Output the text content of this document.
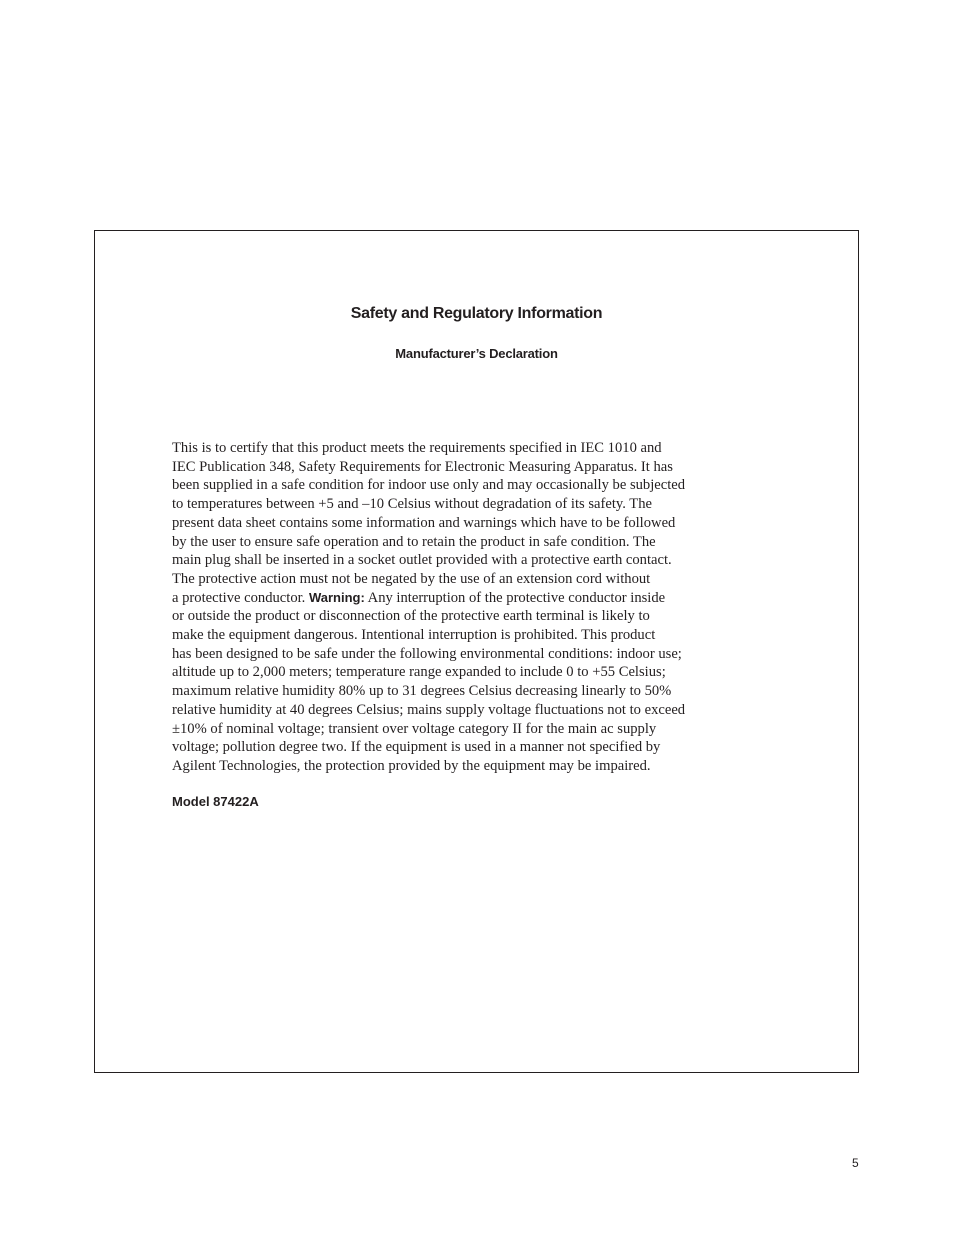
Safety and Regulatory Information
Manufacturer’s Declaration
This is to certify that this product meets the requirements specified in IEC 1010 and
IEC Publication 348, Safety Requirements for Electronic Measuring Apparatus. It has
been supplied in a safe condition for indoor use only and may occasionally be subjected
to temperatures between +5 and –10 Celsius without degradation of its safety. The
present data sheet contains some information and warnings which have to be followed
by the user to ensure safe operation and to retain the product in safe condition. The
main plug shall be inserted in a socket outlet provided with a protective earth contact.
The protective action must not be negated by the use of an extension cord without
a protective conductor. Warning: Any interruption of the protective conductor inside
or outside the product or disconnection of the protective earth terminal is likely to
make the equipment dangerous. Intentional interruption is prohibited. This product
has been designed to be safe under the following environmental conditions: indoor use;
altitude up to 2,000 meters; temperature range expanded to include 0 to +55 Celsius;
maximum relative humidity 80% up to 31 degrees Celsius decreasing linearly to 50%
relative humidity at 40 degrees Celsius; mains supply voltage fluctuations not to exceed
±10% of nominal voltage; transient over voltage category II for the main ac supply
voltage; pollution degree two. If the equipment is used in a manner not specified by
Agilent Technologies, the protection provided by the equipment may be impaired.
Model 87422A
5
